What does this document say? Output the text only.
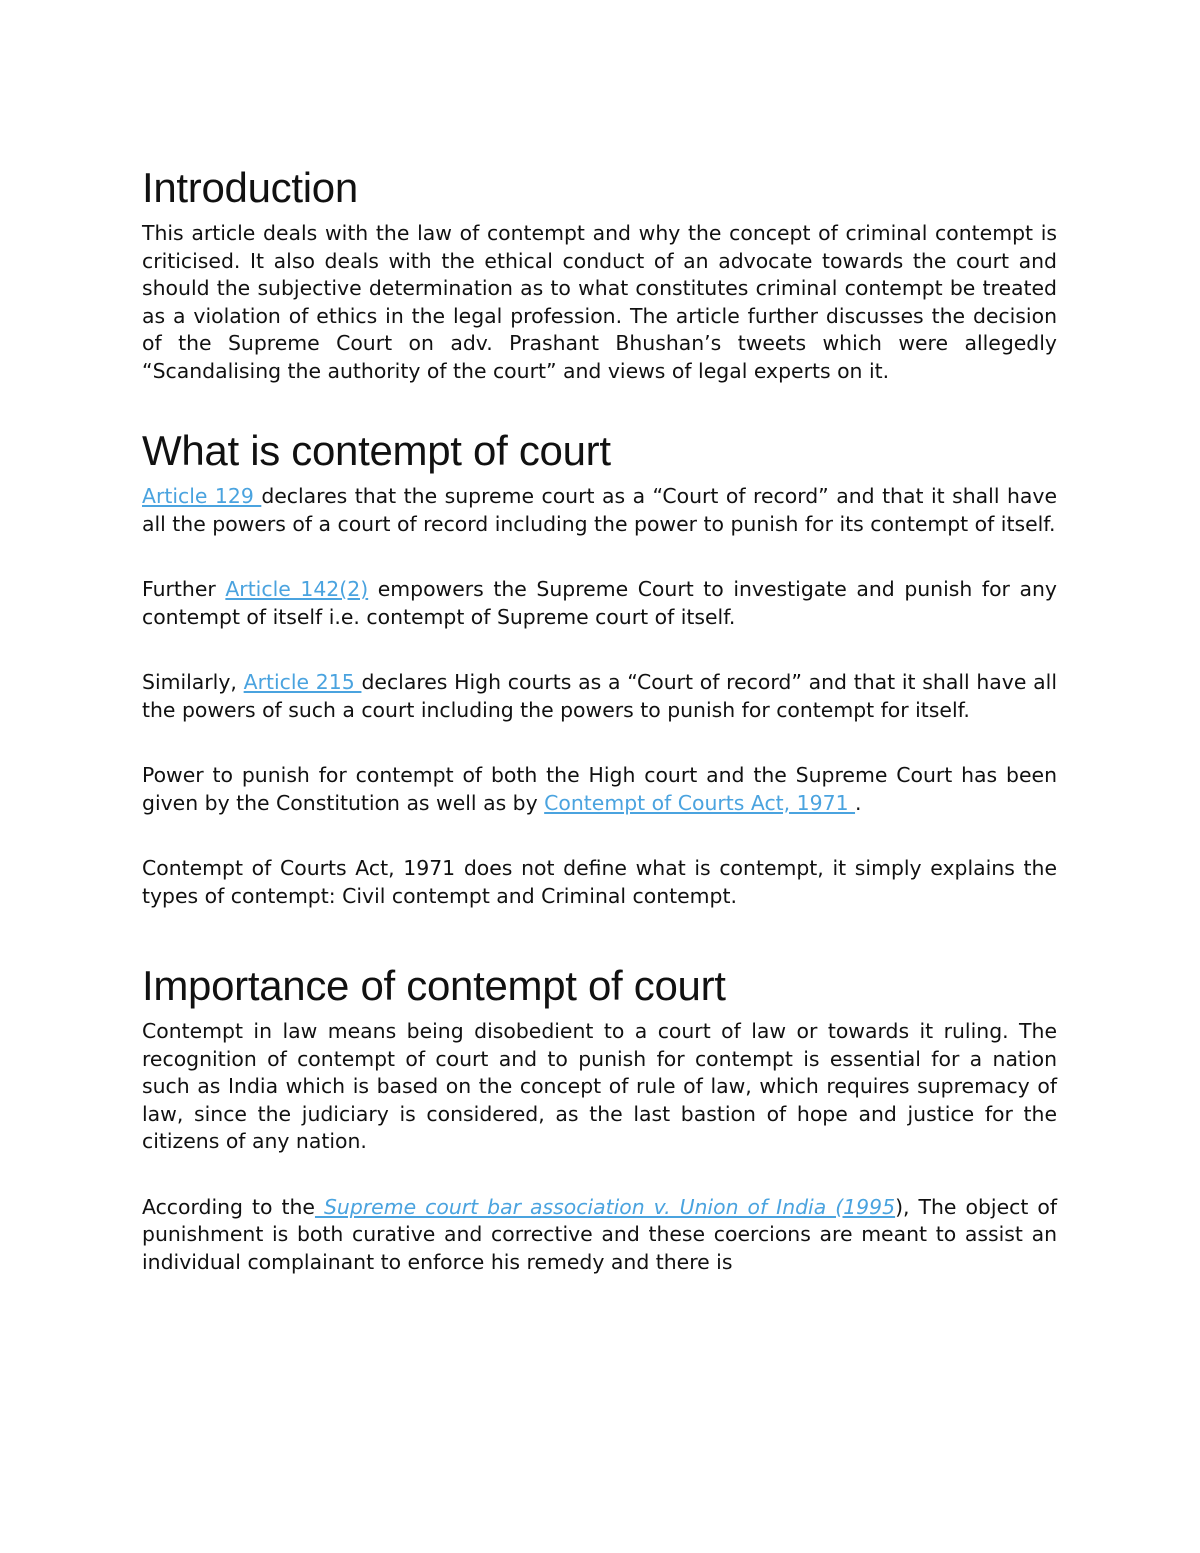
Introduction

This article deals with the law of contempt and why the concept of criminal contempt is criticised. It also deals with the ethical conduct of an advocate towards the court and should the subjective determination as to what constitutes criminal contempt be treated as a violation of ethics in the legal profession. The article further discusses the decision of the Supreme Court on adv. Prashant Bhushan’s tweets which were allegedly “Scandalising the authority of the court” and views of legal experts on it.

What is contempt of court

Article 129 declares that the supreme court as a “Court of record” and that it shall have all the powers of a court of record including the power to punish for its contempt of itself.

Further Article 142(2) empowers the Supreme Court to investigate and punish for any contempt of itself i.e. contempt of Supreme court of itself.

Similarly, Article 215 declares High courts as a “Court of record” and that it shall have all the powers of such a court including the powers to punish for contempt for itself.

Power to punish for contempt of both the High court and the Supreme Court has been given by the Constitution as well as by Contempt of Courts Act, 1971 .

Contempt of Courts Act, 1971 does not define what is contempt, it simply explains the types of contempt: Civil contempt and Criminal contempt.

Importance of contempt of court

Contempt in law means being disobedient to a court of law or towards it ruling. The recognition of contempt of court and to punish for contempt is essential for a nation such as India which is based on the concept of rule of law, which requires supremacy of law, since the judiciary is considered, as the last bastion of hope and justice for the citizens of any nation.

According to the Supreme court bar association v. Union of India (1995), The object of punishment is both curative and corrective and these coercions are meant to assist an individual complainant to enforce his remedy and there is
